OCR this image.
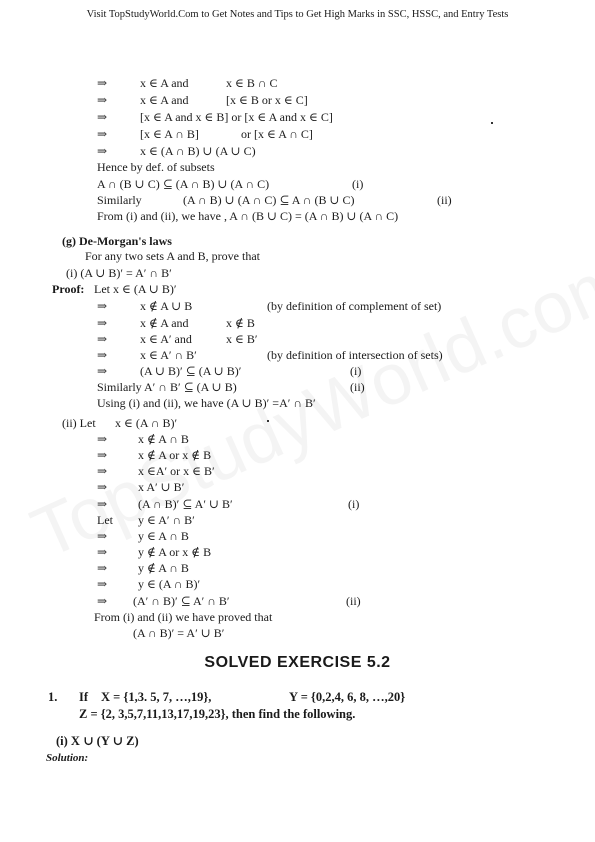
Visit TopStudyWorld.Com to Get Notes and Tips to Get High Marks in SSC, HSSC, and Entry Tests
⇒	x ∈ A and	x ∈ B ∩ C
⇒	x ∈ A and	[x ∈ B or x ∈ C]
⇒	[x ∈ A and x ∈ B] or [x ∈ A and x ∈ C]
⇒	[x ∈ A ∩ B]	or [x ∈ A ∩ C]
⇒	x ∈ (A ∩ B) ∪ (A ∪ C)
Hence by def. of subsets
A ∩ (B ∪ C) ⊆ (A ∩ B) ∪ (A ∩ C)	(i)
Similarly	(A ∩ B) ∪ (A ∩ C) ⊆ A ∩ (B ∪ C)	(ii)
From (i) and (ii), we have , A ∩ (B ∪ C) = (A ∩ B) ∪ (A ∩ C)
(g) De-Morgan's laws
For any two sets A and B, prove that
(i) (A ∪ B)′ = A′ ∩ B′
Proof: Let x ∈ (A ∪ B)′
⇒	x ∉ A ∪ B	(by definition of complement of set)
⇒	x ∉ A and	x ∉ B
⇒	x ∈ A′ and	x ∈ B′
⇒	x ∈ A′ ∩ B′	(by definition of intersection of sets)
⇒	(A ∪ B)′ ⊆ (A ∪ B)′	(i)
Similarly A′ ∩ B′ ⊆ (A ∪ B)	(ii)
Using (i) and (ii), we have (A ∪ B)′ =A′ ∩ B′
(ii) Let x ∈ (A ∩ B)′
⇒	x ∉ A ∩ B
⇒	x ∉ A or x ∉ B
⇒	x ∈A′ or x ∈ B′
⇒	x A′ ∪ B′
⇒	(A ∩ B)′ ⊆ A′ ∪ B′	(i)
Let y ∈ A′ ∩ B′
⇒	y ∈ A ∩ B
⇒	y ∉ A or x ∉ B
⇒	y ∉ A ∩ B
⇒	y ∈ (A ∩ B)′
⇒ (A′ ∩ B)′ ⊆ A′ ∩ B′	(ii)
From (i) and (ii) we have proved that
(A ∩ B)′ = A′ ∪ B′
SOLVED EXERCISE 5.2
1. If X = {1,3. 5, 7, …,19},	Y = {0,2,4, 6, 8, …,20}
Z = {2, 3,5,7,11,13,17,19,23}, then find the following.
(i) X ∪ (Y ∪ Z)
Solution:
